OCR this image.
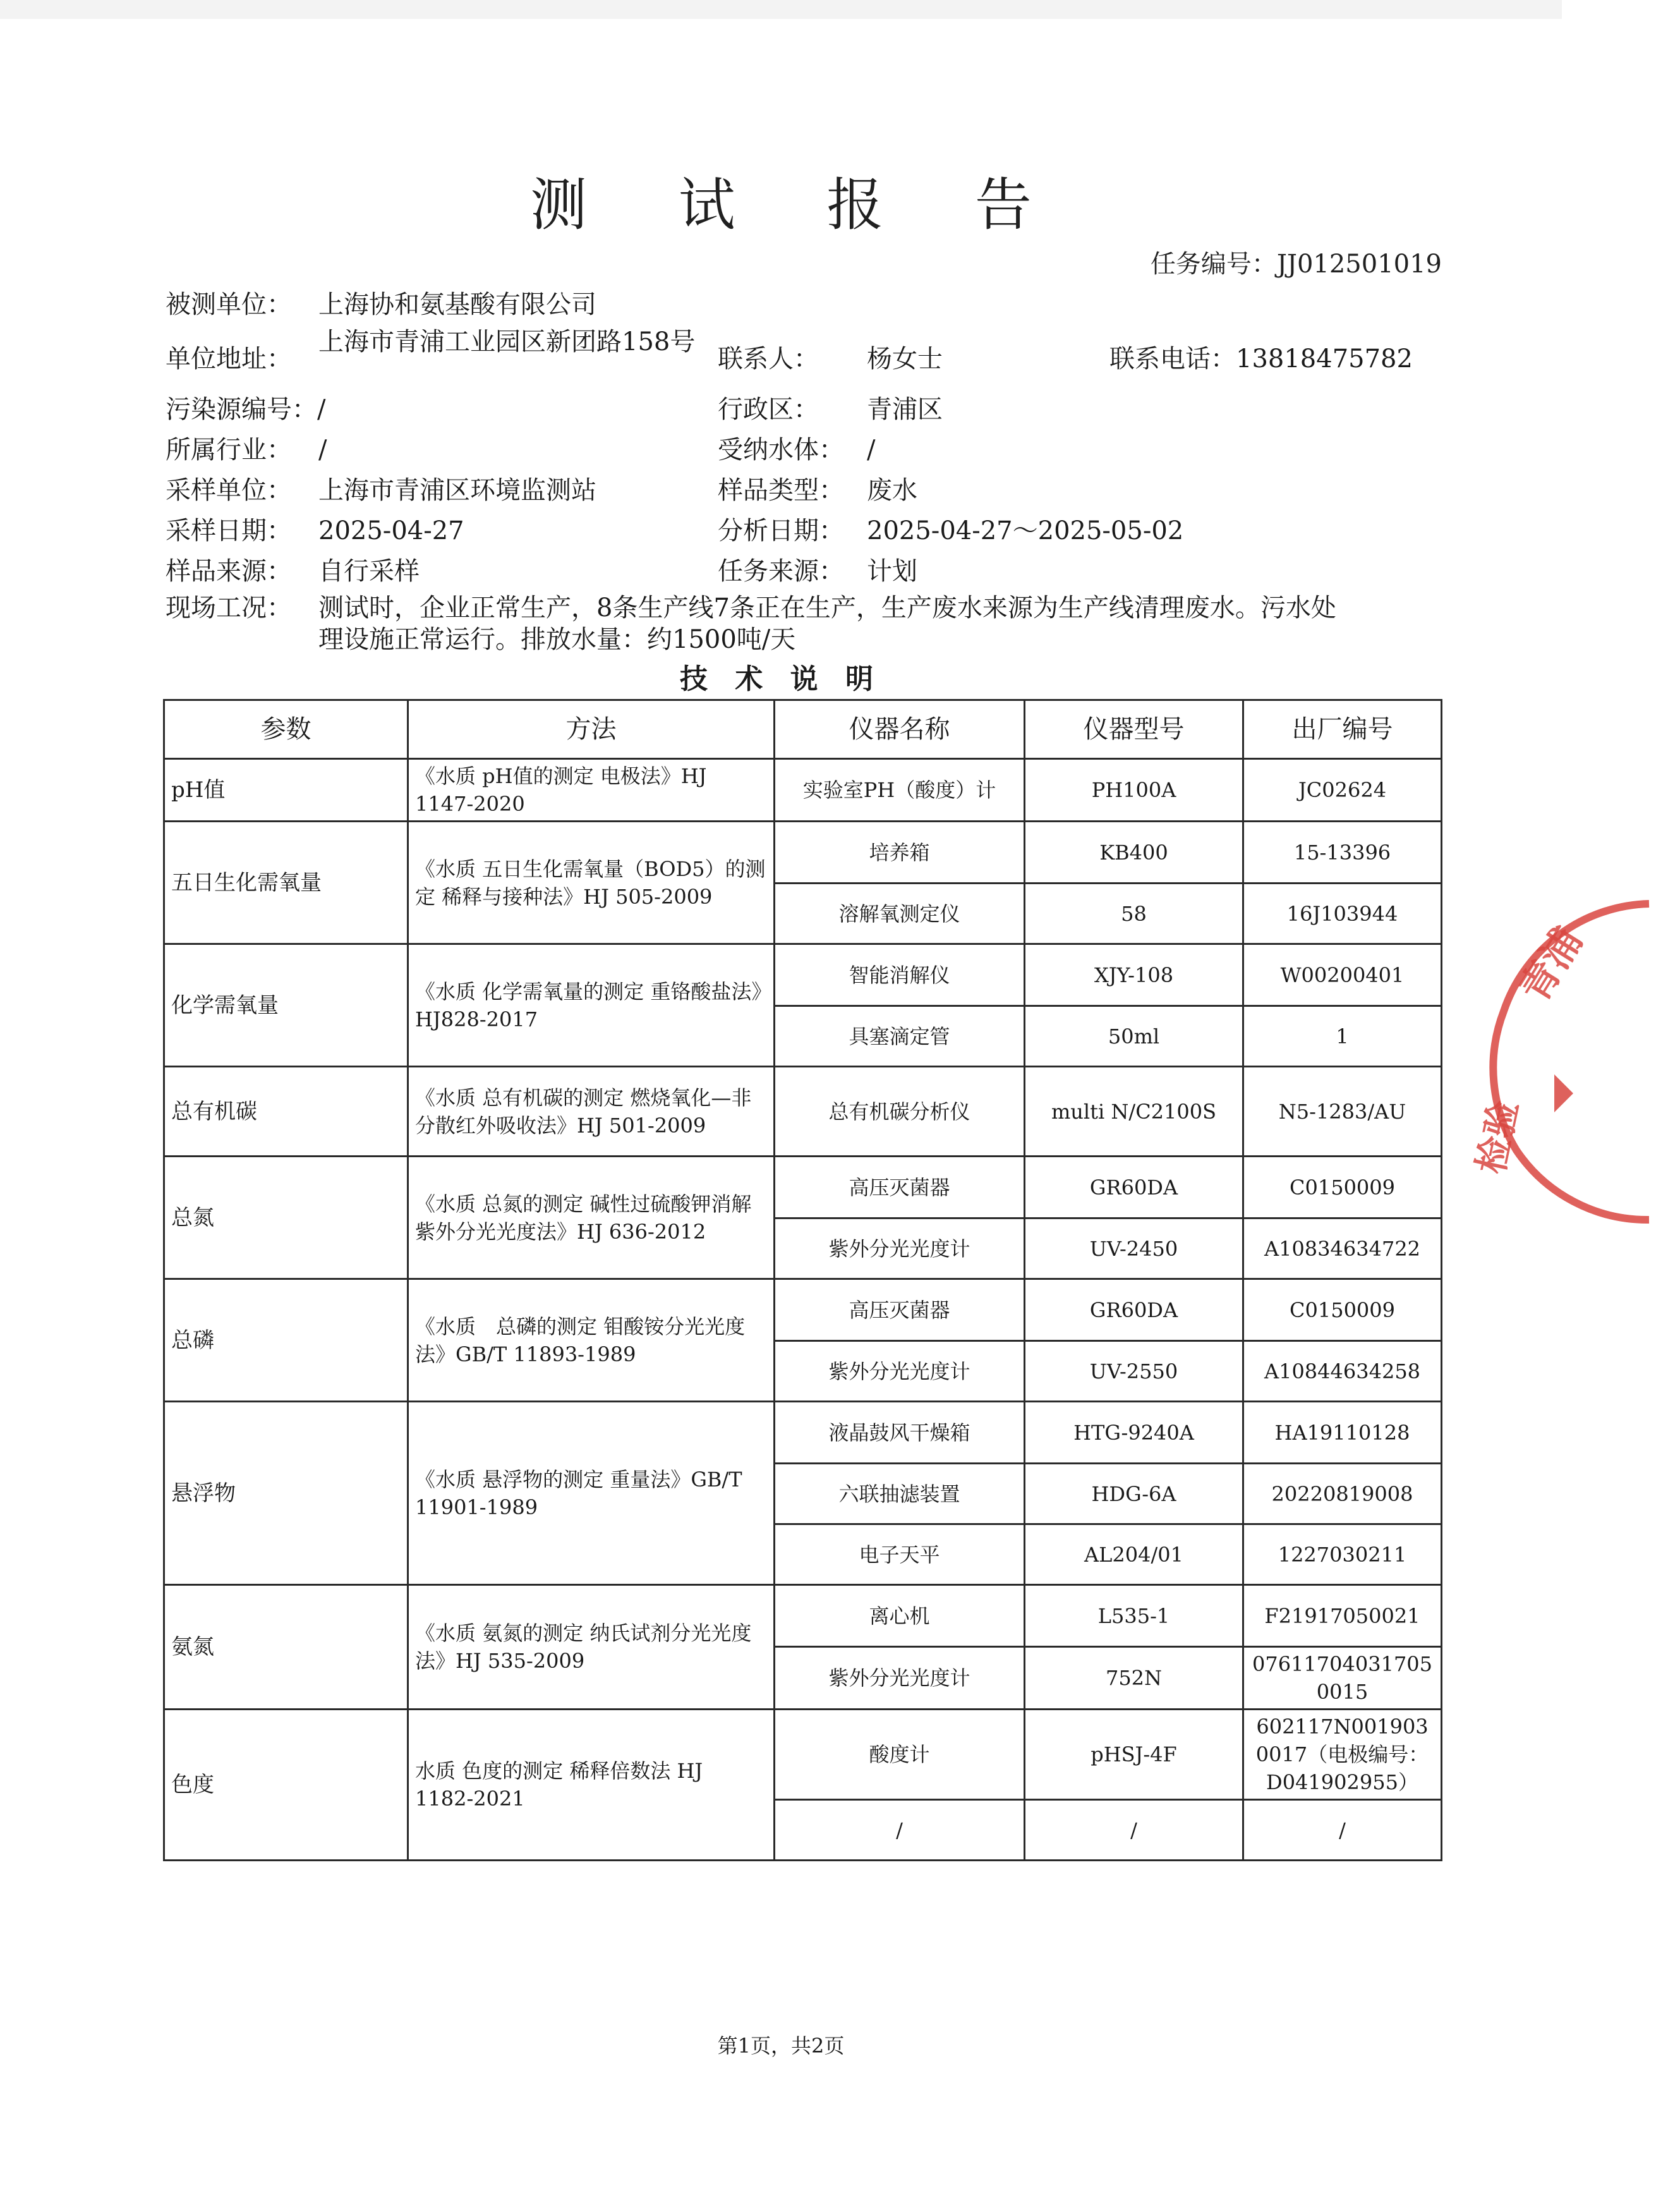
测 试 报 告
任务编号：JJ012501019
被测单位： 上海协和氨基酸有限公司
单位地址：
上海市青浦工业园区新团路158号
联系人： 杨女士	联系电话：13818475782
污染源编号：/	行政区： 青浦区
所属行业： /	受纳水体： /
采样单位： 上海市青浦区环境监测站	样品类型： 废水
采样日期： 2025-04-27	分析日期： 2025-04-27～2025-05-02
样品来源： 自行采样	任务来源： 计划
现场工况： 测试时，企业正常生产，8条生产线7条正在生产，生产废水来源为生产线清理废水。污水处
理设施正常运行。排放水量：约1500吨/天
技 术 说 明
参数	方法	仪器名称	仪器型号	出厂编号
pH值	《水质 pH值的测定 电极法》HJ 1147-2020	实验室PH（酸度）计	PH100A	JC02624
五日生化需氧量	《水质 五日生化需氧量（BOD5）的测定 稀释与接种法》HJ 505-2009	培养箱	KB400	15-13396
		溶解氧测定仪	58	16J103944
化学需氧量	《水质 化学需氧量的测定 重铬酸盐法》HJ828-2017	智能消解仪	XJY-108	W00200401
		具塞滴定管	50ml	1
总有机碳	《水质 总有机碳的测定 燃烧氧化—非分散红外吸收法》HJ 501-2009	总有机碳分析仪	multi N/C2100S	N5-1283/AU
总氮	《水质 总氮的测定 碱性过硫酸钾消解紫外分光光度法》HJ 636-2012	高压灭菌器	GR60DA	C0150009
		紫外分光光度计	UV-2450	A10834634722
总磷	《水质　总磷的测定 钼酸铵分光光度法》GB/T 11893-1989	高压灭菌器	GR60DA	C0150009
		紫外分光光度计	UV-2550	A10844634258
悬浮物	《水质 悬浮物的测定 重量法》GB/T 11901-1989	液晶鼓风干燥箱	HTG-9240A	HA19110128
		六联抽滤装置	HDG-6A	20220819008
		电子天平	AL204/01	1227030211
氨氮	《水质 氨氮的测定 纳氏试剂分光光度法》HJ 535-2009	离心机	L535-1	F21917050021
		紫外分光光度计	752N	076117040317050015
色度	水质 色度的测定 稀释倍数法 HJ 1182-2021	酸度计	pHSJ-4F	602117N0019030017（电极编号：D041902955）
		/	/	/
第1页，共2页
青浦
检验
